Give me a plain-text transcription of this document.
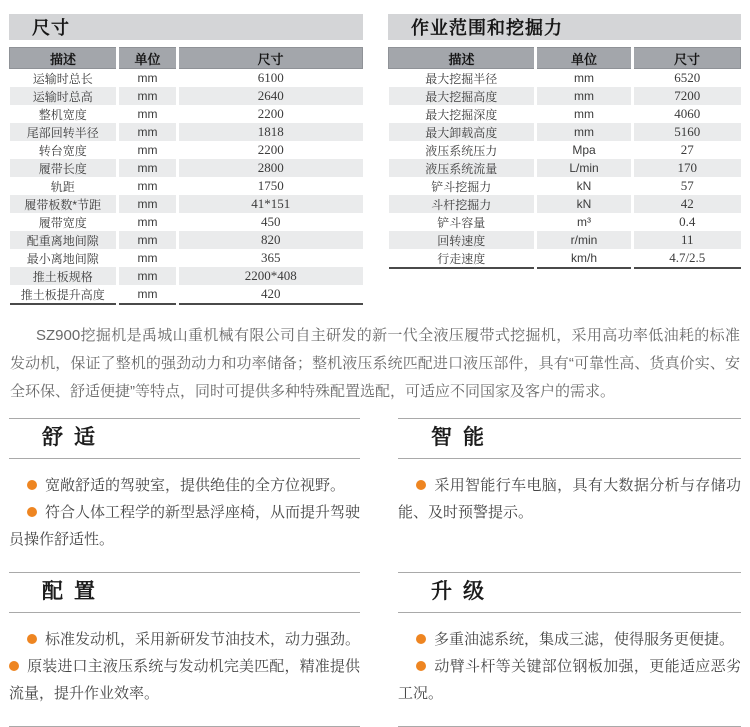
尺寸
描述	单位	尺寸
运输时总长	mm	6100
运输时总高	mm	2640
整机宽度	mm	2200
尾部回转半径	mm	1818
转台宽度	mm	2200
履带长度	mm	2800
轨距	mm	1750
履带板数*节距	mm	41*151
履带宽度	mm	450
配重离地间隙	mm	820
最小离地间隙	mm	365
推土板规格	mm	2200*408
推土板提升高度	mm	420
作业范围和挖掘力
描述	单位	尺寸
最大挖掘半径	mm	6520
最大挖掘高度	mm	7200
最大挖掘深度	mm	4060
最大卸载高度	mm	5160
液压系统压力	Mpa	27
液压系统流量	L/min	170
铲斗挖掘力	kN	57
斗杆挖掘力	kN	42
铲斗容量	m³	0.4
回转速度	r/min	11
行走速度	km/h	4.7/2.5

SZ900挖掘机是禹城山重机械有限公司自主研发的新一代全液压履带式挖掘机，采用高功率低油耗的标准发动机，保证了整机的强劲动力和功率储备；整机液压系统匹配进口液压部件，具有“可靠性高、货真价实、安全环保、舒适便捷”等特点，同时可提供多种特殊配置选配，可适应不同国家及客户的需求。

舒适

宽敞舒适的驾驶室，提供绝佳的全方位视野。

符合人体工程学的新型悬浮座椅，从而提升驾驶员操作舒适性。

智能

采用智能行车电脑，具有大数据分析与存储功能、及时预警提示。

配置

标准发动机，采用新研发节油技术，动力强劲。原装进口主液压系统与发动机完美匹配，精准提供流量，提升作业效率。

升级

多重油滤系统，集成三滤，使得服务更便捷。

动臂斗杆等关键部位钢板加强，更能适应恶劣工况。
